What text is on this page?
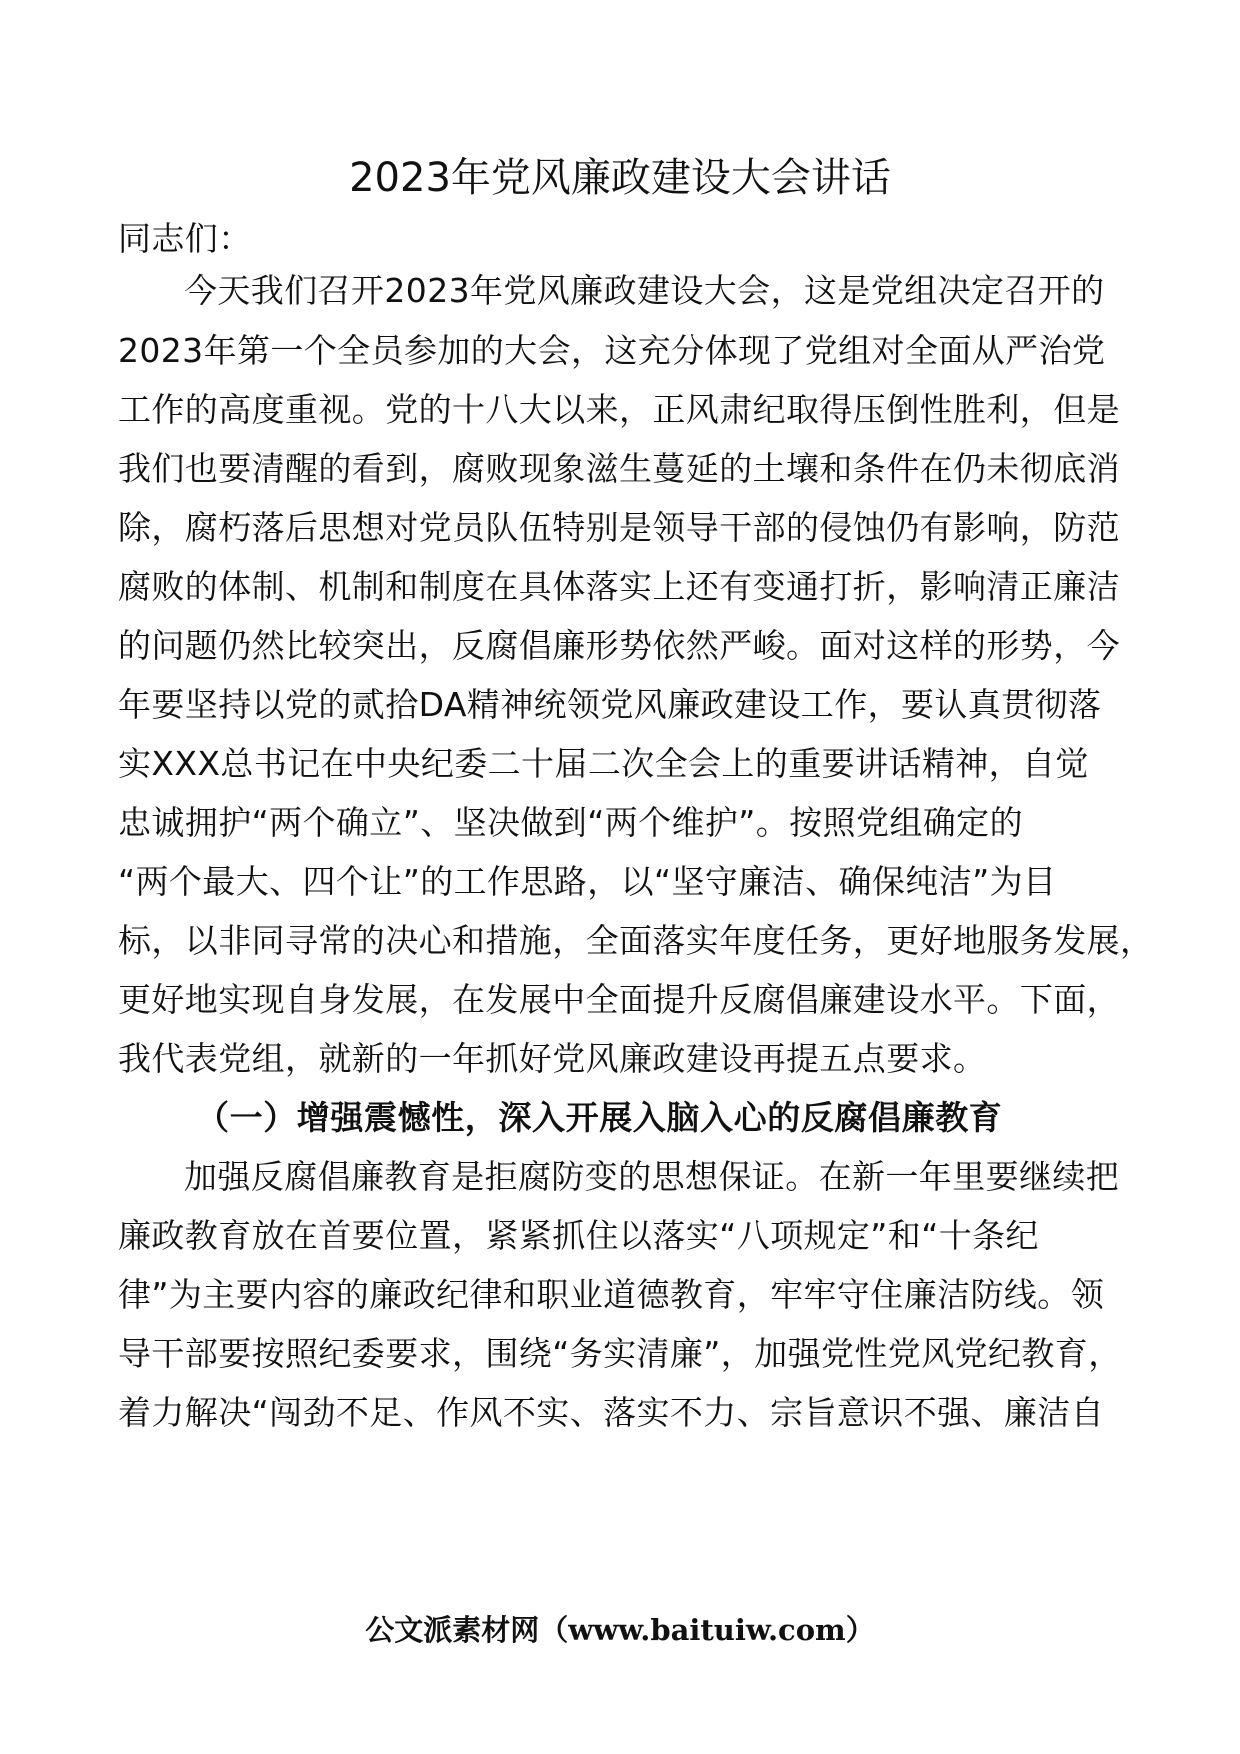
2023年党风廉政建设大会讲话
同志们：
今天我们召开2023年党风廉政建设大会，这是党组决定召开的
2023年第一个全员参加的大会，这充分体现了党组对全面从严治党
工作的高度重视。党的十八大以来，正风肃纪取得压倒性胜利，但是
我们也要清醒的看到，腐败现象滋生蔓延的土壤和条件在仍未彻底消
除，腐朽落后思想对党员队伍特别是领导干部的侵蚀仍有影响，防范
腐败的体制、机制和制度在具体落实上还有变通打折，影响清正廉洁
的问题仍然比较突出，反腐倡廉形势依然严峻。面对这样的形势，今
年要坚持以党的贰拾DA精神统领党风廉政建设工作，要认真贯彻落
实XXX总书记在中央纪委二十届二次全会上的重要讲话精神，自觉
忠诚拥护“两个确立”、坚决做到“两个维护”。按照党组确定的
“两个最大、四个让”的工作思路，以“坚守廉洁、确保纯洁”为目
标，以非同寻常的决心和措施，全面落实年度任务，更好地服务发展，
更好地实现自身发展，在发展中全面提升反腐倡廉建设水平。下面，
我代表党组，就新的一年抓好党风廉政建设再提五点要求。
（一）增强震憾性，深入开展入脑入心的反腐倡廉教育
加强反腐倡廉教育是拒腐防变的思想保证。在新一年里要继续把
廉政教育放在首要位置，紧紧抓住以落实“八项规定”和“十条纪
律”为主要内容的廉政纪律和职业道德教育，牢牢守住廉洁防线。领
导干部要按照纪委要求，围绕“务实清廉”，加强党性党风党纪教育，
着力解决“闯劲不足、作风不实、落实不力、宗旨意识不强、廉洁自
公文派素材网（www.baituiw.com）
